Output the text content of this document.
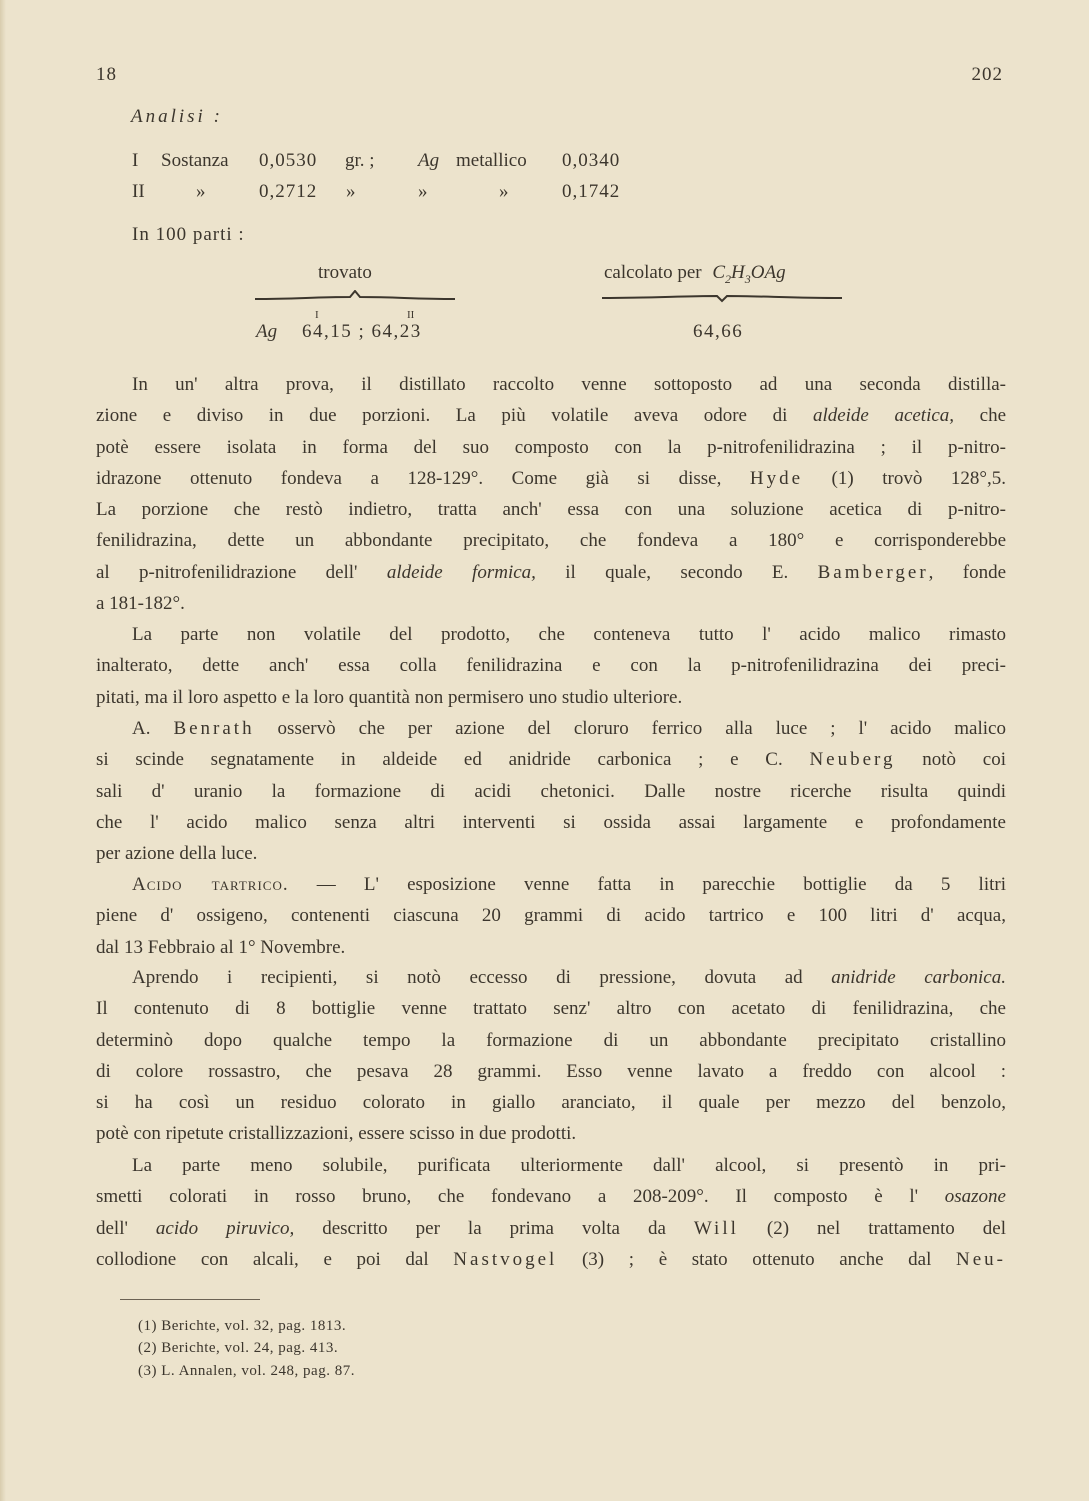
18	202
Analisi :
I Sostanza 0,0530 gr. ; Ag metallico 0,0340
II	»	0,2712 »	»	»	0,1742
In 100 parti :
trovato	calcolato per $C_2H_3OAg$
I	II
Ag 64,15 ; 64,23	64,66
In un' altra prova, il distillato raccolto venne sottoposto ad una seconda distilla-
zione e diviso in due porzioni. La più volatile aveva odore di aldeide acetica, che
potè essere isolata in forma del suo composto con la p-nitrofenilidrazina ; il p-nitro-
idrazone ottenuto fondeva a 128-129°. Come già si disse, Hyde (1) trovò 128°,5.
La porzione che restò indietro, tratta anch' essa con una soluzione acetica di p-nitro-
fenilidrazina, dette un abbondante precipitato, che fondeva a 180° e corrisponderebbe
al p-nitrofenilidrazione dell' aldeide formica, il quale, secondo E. Bamberger, fonde
a 181-182°.
La parte non volatile del prodotto, che conteneva tutto l' acido malico rimasto
inalterato, dette anch' essa colla fenilidrazina e con la p-nitrofenilidrazina dei preci-
pitati, ma il loro aspetto e la loro quantità non permisero uno studio ulteriore.
A. Benrath osservò che per azione del cloruro ferrico alla luce ; l' acido malico
si scinde segnatamente in aldeide ed anidride carbonica ; e C. Neuberg notò coi
sali d' uranio la formazione di acidi chetonici. Dalle nostre ricerche risulta quindi
che l' acido malico senza altri interventi si ossida assai largamente e profondamente
per azione della luce.
Acido tartrico. — L' esposizione venne fatta in parecchie bottiglie da 5 litri
piene d' ossigeno, contenenti ciascuna 20 grammi di acido tartrico e 100 litri d' acqua,
dal 13 Febbraio al 1° Novembre.
Aprendo i recipienti, si notò eccesso di pressione, dovuta ad anidride carbonica.
Il contenuto di 8 bottiglie venne trattato senz' altro con acetato di fenilidrazina, che
determinò dopo qualche tempo la formazione di un abbondante precipitato cristallino
di colore rossastro, che pesava 28 grammi. Esso venne lavato a freddo con alcool :
si ha così un residuo colorato in giallo aranciato, il quale per mezzo del benzolo,
potè con ripetute cristallizzazioni, essere scisso in due prodotti.
La parte meno solubile, purificata ulteriormente dall' alcool, si presentò in pri-
smetti colorati in rosso bruno, che fondevano a 208-209°. Il composto è l' osazone
dell' acido piruvico, descritto per la prima volta da Will (2) nel trattamento del
collodione con alcali, e poi dal Nastvogel (3) ; è stato ottenuto anche dal Neu-
(1) Berichte, vol. 32, pag. 1813.
(2) Berichte, vol. 24, pag. 413.
(3) L. Annalen, vol. 248, pag. 87.
